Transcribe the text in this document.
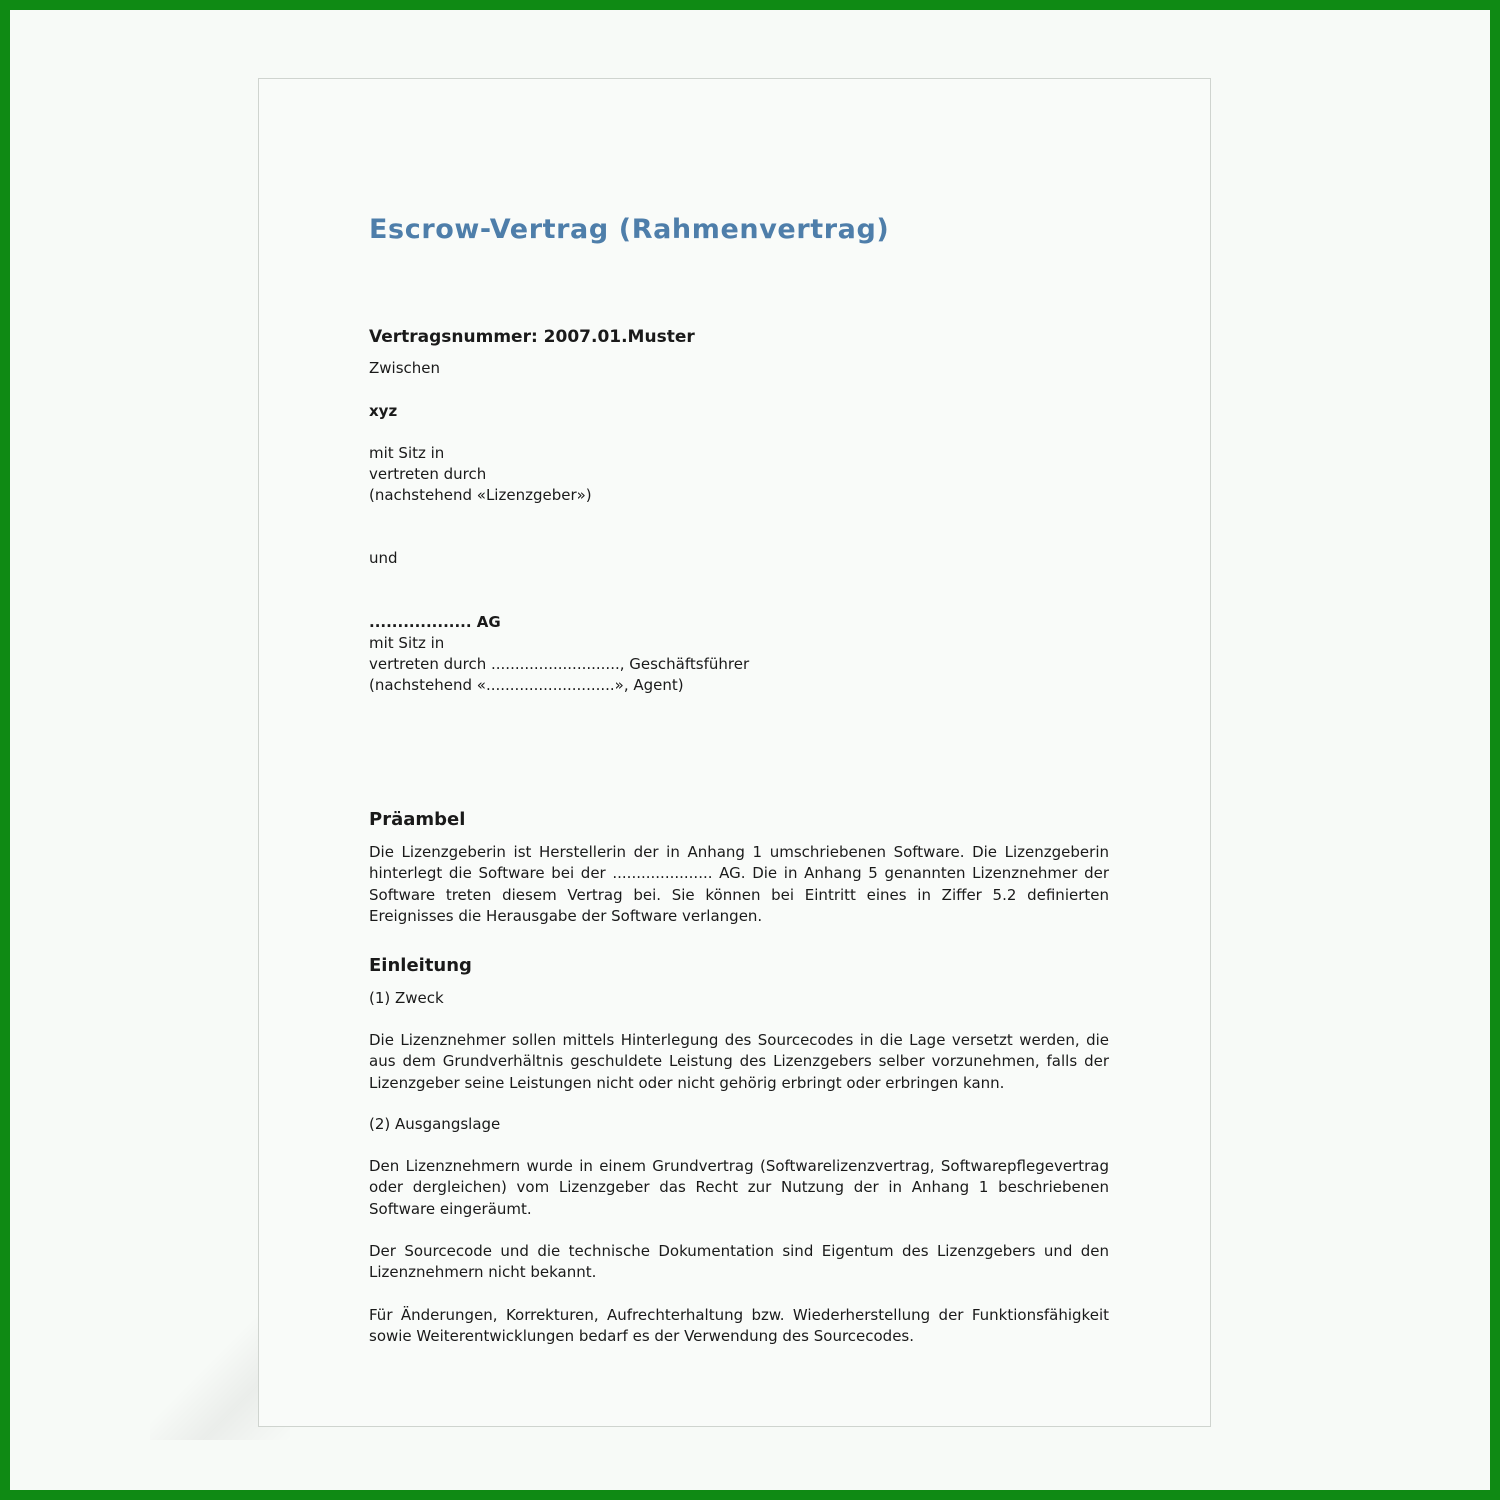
Escrow-Vertrag (Rahmenvertrag)
Vertragsnummer: 2007.01.Muster
Zwischen
xyz
mit Sitz in
vertreten durch
(nachstehend «Lizenzgeber»)
und
.................. AG
mit Sitz in
vertreten durch ..........................., Geschäftsführer
(nachstehend «...........................», Agent)
Präambel
Die Lizenzgeberin ist Herstellerin der in Anhang 1 umschriebenen Software. Die Lizenzgeberin hinterlegt die Software bei der ..................... AG. Die in Anhang 5 genannten Lizenznehmer der Software treten diesem Vertrag bei. Sie können bei Eintritt eines in Ziffer 5.2 definierten Ereignisses die Herausgabe der Software verlangen.
Einleitung
(1) Zweck
Die Lizenznehmer sollen mittels Hinterlegung des Sourcecodes in die Lage versetzt werden, die aus dem Grundverhältnis geschuldete Leistung des Lizenzgebers selber vorzunehmen, falls der Lizenzgeber seine Leistungen nicht oder nicht gehörig erbringt oder erbringen kann.
(2) Ausgangslage
Den Lizenznehmern wurde in einem Grundvertrag (Softwarelizenzvertrag, Softwarepflegevertrag oder dergleichen) vom Lizenzgeber das Recht zur Nutzung der in Anhang 1 beschriebenen Software eingeräumt.
Der Sourcecode und die technische Dokumentation sind Eigentum des Lizenzgebers und den Lizenznehmern nicht bekannt.
Für Änderungen, Korrekturen, Aufrechterhaltung bzw. Wiederherstellung der Funktionsfähigkeit sowie Weiterentwicklungen bedarf es der Verwendung des Sourcecodes.
